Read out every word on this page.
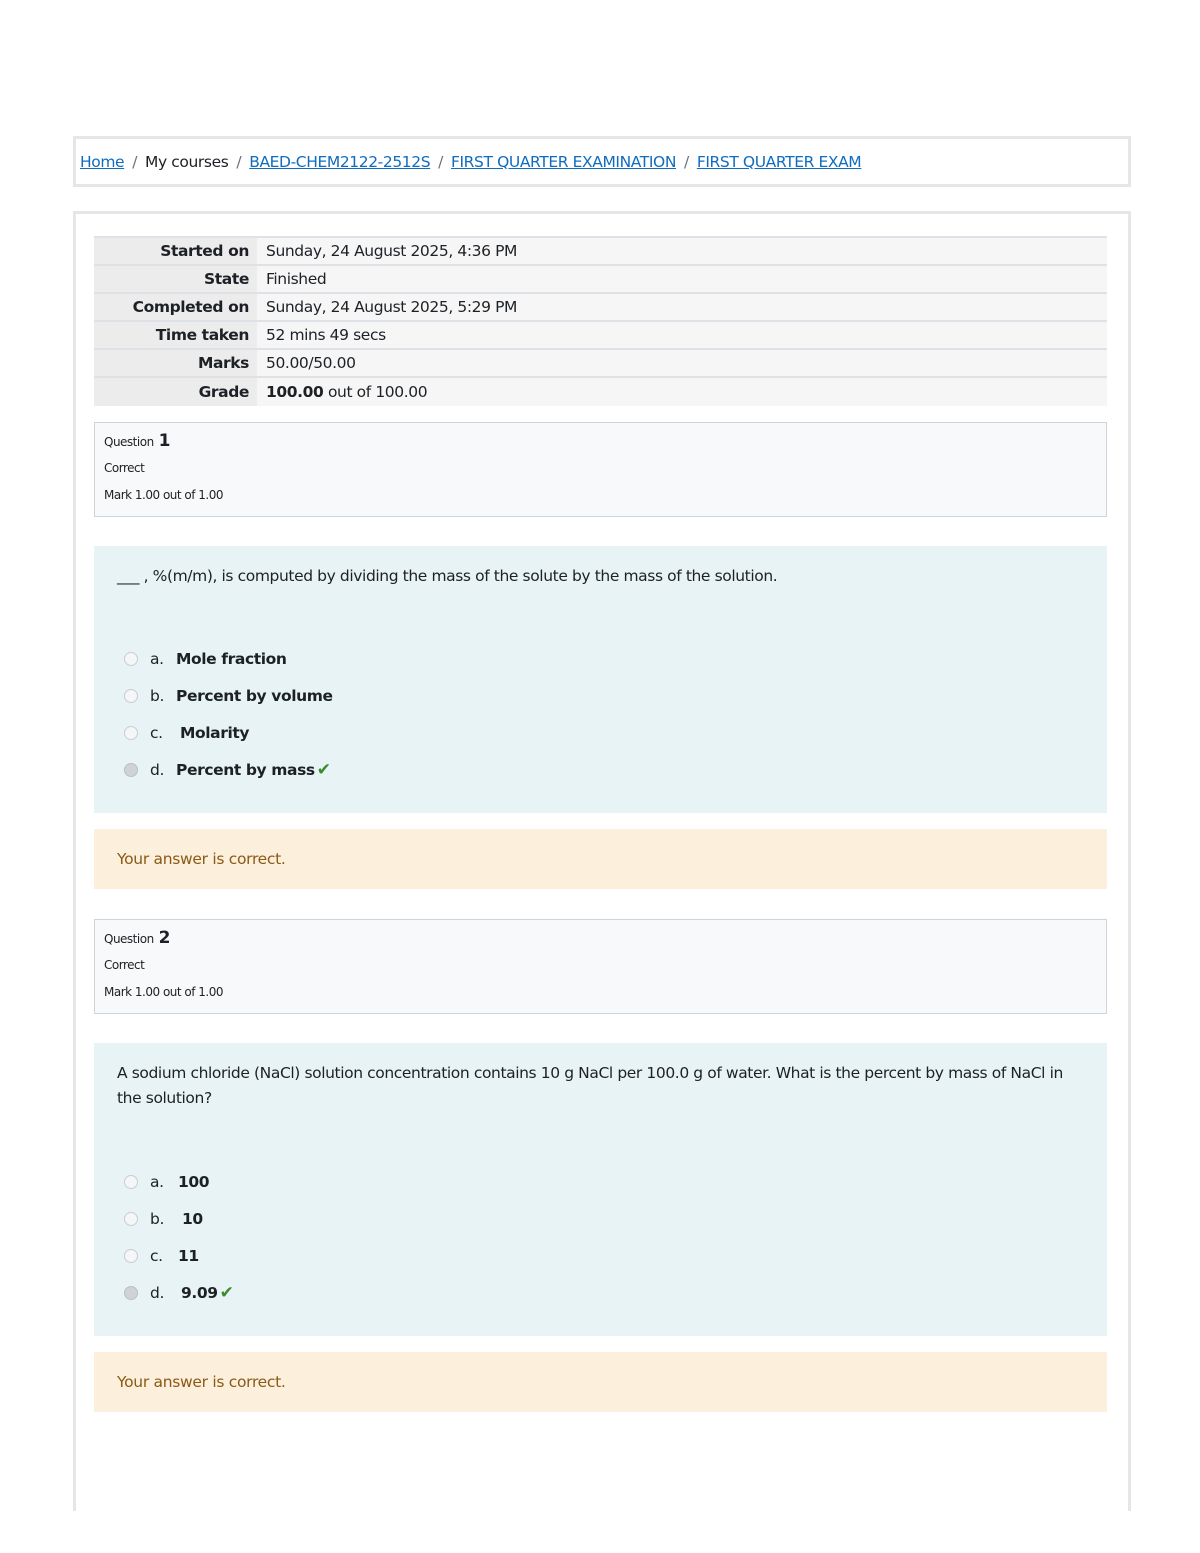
Home / My courses / BAED-CHEM2122-2512S / FIRST QUARTER EXAMINATION / FIRST QUARTER EXAM
Started on	Sunday, 24 August 2025, 4:36 PM
State	Finished
Completed on	Sunday, 24 August 2025, 5:29 PM
Time taken	52 mins 49 secs
Marks	50.00/50.00
Grade	100.00 out of 100.00
Question 1
Correct
Mark 1.00 out of 1.00
___ , %(m/m), is computed by dividing the mass of the solute by the mass of the solution.
a. Mole fraction
b. Percent by volume
c.	Molarity
d. Percent by mass ✔
Your answer is correct.
Question 2
Correct
Mark 1.00 out of 1.00
A sodium chloride (NaCl) solution concentration contains 10 g NaCl per 100.0 g of water. What is the percent by mass of NaCl in the solution?
a. 100
b.	10
c. 11
d.	9.09 ✔
Your answer is correct.
